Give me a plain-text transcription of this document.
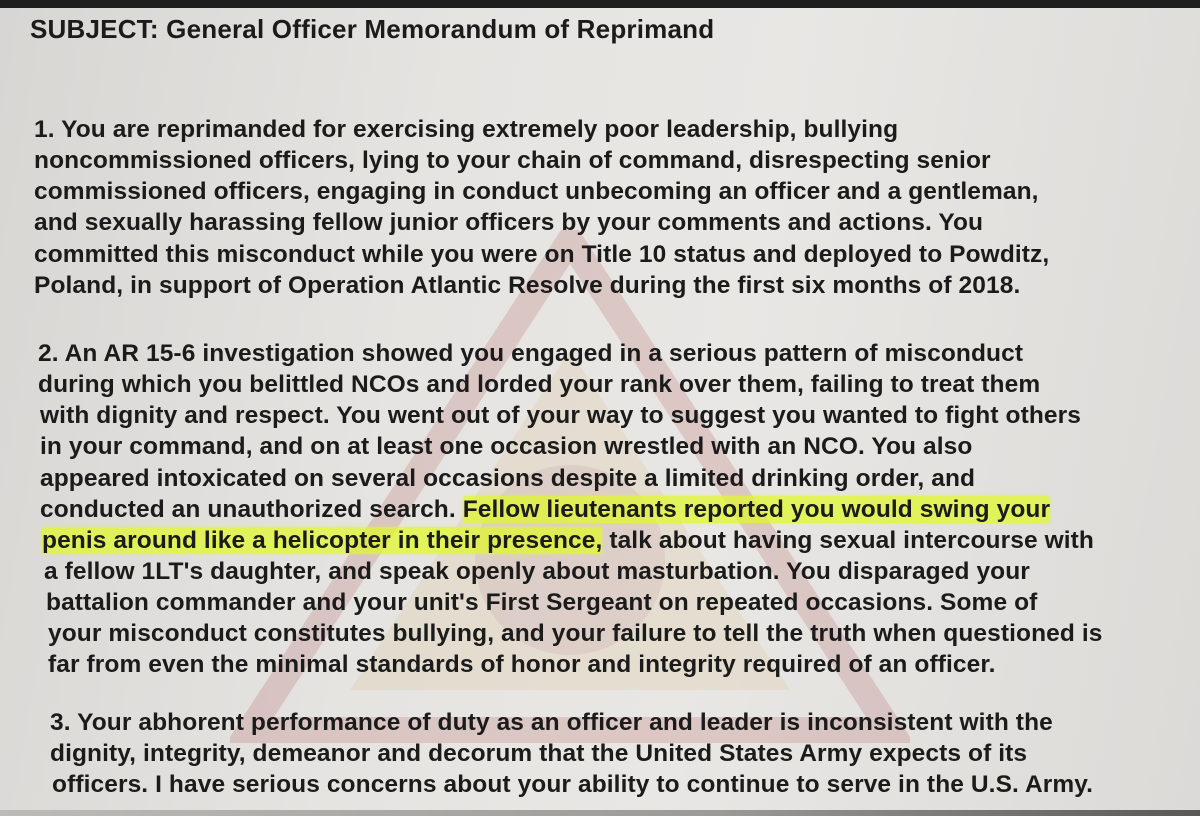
SUBJECT: General Officer Memorandum of Reprimand
1. You are reprimanded for exercising extremely poor leadership, bullying
noncommissioned officers, lying to your chain of command, disrespecting senior
commissioned officers, engaging in conduct unbecoming an officer and a gentleman,
and sexually harassing fellow junior officers by your comments and actions. You
committed this misconduct while you were on Title 10 status and deployed to Powditz,
Poland, in support of Operation Atlantic Resolve during the first six months of 2018.
2. An AR 15-6 investigation showed you engaged in a serious pattern of misconduct
during which you belittled NCOs and lorded your rank over them, failing to treat them
with dignity and respect. You went out of your way to suggest you wanted to fight others
in your command, and on at least one occasion wrestled with an NCO. You also
appeared intoxicated on several occasions despite a limited drinking order, and
conducted an unauthorized search. Fellow lieutenants reported you would swing your
penis around like a helicopter in their presence, talk about having sexual intercourse with
a fellow 1LT's daughter, and speak openly about masturbation. You disparaged your
battalion commander and your unit's First Sergeant on repeated occasions. Some of
your misconduct constitutes bullying, and your failure to tell the truth when questioned is
far from even the minimal standards of honor and integrity required of an officer.
3. Your abhorent performance of duty as an officer and leader is inconsistent with the
dignity, integrity, demeanor and decorum that the United States Army expects of its
officers. I have serious concerns about your ability to continue to serve in the U.S. Army.
